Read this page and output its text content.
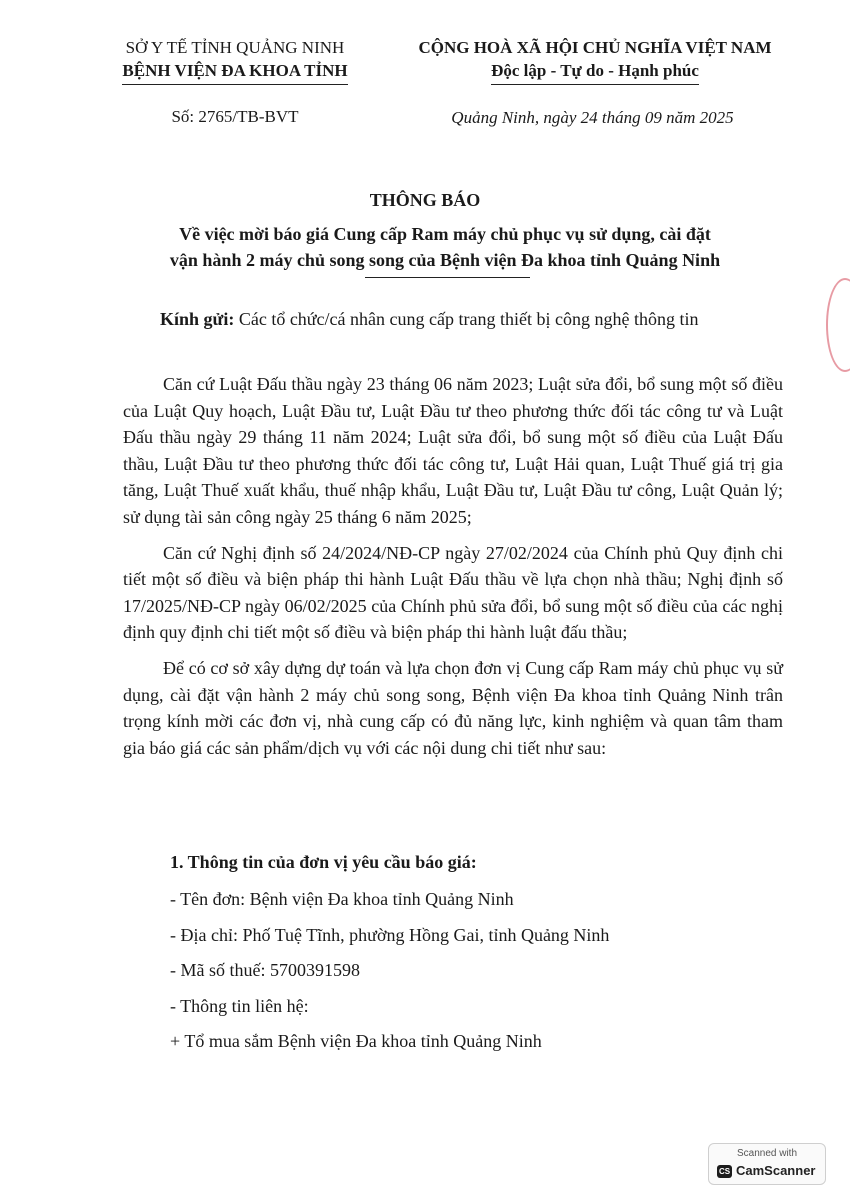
SỞ Y TẾ TỈNH QUẢNG NINH
BỆNH VIỆN ĐA KHOA TỈNH
Số: 2765/TB-BVT
CỘNG HOÀ XÃ HỘI CHỦ NGHĨA VIỆT NAM
Độc lập - Tự do - Hạnh phúc
Quảng Ninh, ngày 24 tháng 09 năm 2025
THÔNG BÁO
Về việc mời báo giá Cung cấp Ram máy chủ phục vụ sử dụng, cài đặt
vận hành 2 máy chủ song song của Bệnh viện Đa khoa tỉnh Quảng Ninh
Kính gửi: Các tổ chức/cá nhân cung cấp trang thiết bị công nghệ thông tin

Căn cứ Luật Đấu thầu ngày 23 tháng 06 năm 2023; Luật sửa đổi, bổ sung một số điều của Luật Quy hoạch, Luật Đầu tư, Luật Đầu tư theo phương thức đối tác công tư và Luật Đấu thầu ngày 29 tháng 11 năm 2024; Luật sửa đổi, bổ sung một số điều của Luật Đấu thầu, Luật Đầu tư theo phương thức đối tác công tư, Luật Hải quan, Luật Thuế giá trị gia tăng, Luật Thuế xuất khẩu, thuế nhập khẩu, Luật Đầu tư, Luật Đầu tư công, Luật Quản lý; sử dụng tài sản công ngày 25 tháng 6 năm 2025;

Căn cứ Nghị định số 24/2024/NĐ-CP ngày 27/02/2024 của Chính phủ Quy định chi tiết một số điều và biện pháp thi hành Luật Đấu thầu về lựa chọn nhà thầu; Nghị định số 17/2025/NĐ-CP ngày 06/02/2025 của Chính phủ sửa đổi, bổ sung một số điều của các nghị định quy định chi tiết một số điều và biện pháp thi hành luật đấu thầu;

Để có cơ sở xây dựng dự toán và lựa chọn đơn vị Cung cấp Ram máy chủ phục vụ sử dụng, cài đặt vận hành 2 máy chủ song song, Bệnh viện Đa khoa tỉnh Quảng Ninh trân trọng kính mời các đơn vị, nhà cung cấp có đủ năng lực, kinh nghiệm và quan tâm tham gia báo giá các sản phẩm/dịch vụ với các nội dung chi tiết như sau:

1. Thông tin của đơn vị yêu cầu báo giá:
- Tên đơn: Bệnh viện Đa khoa tỉnh Quảng Ninh
- Địa chỉ: Phố Tuệ Tĩnh, phường Hồng Gai, tỉnh Quảng Ninh
- Mã số thuế: 5700391598
- Thông tin liên hệ:
+ Tổ mua sắm Bệnh viện Đa khoa tỉnh Quảng Ninh
Scanned with
CS CamScanner
